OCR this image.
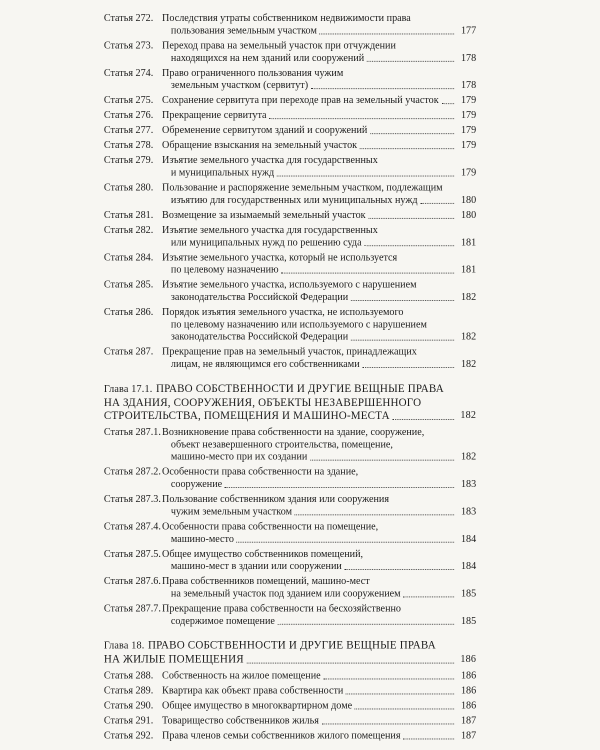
Статья 272. Последствия утраты собственником недвижимости права
пользования земельным участком	177
Статья 273. Переход права на земельный участок при отчуждении
находящихся на нем зданий или сооружений	178
Статья 274. Право ограниченного пользования чужим
земельным участком (сервитут)	178
Статья 275. Сохранение сервитута при переходе прав на земельный участок	179
Статья 276. Прекращение сервитута	179
Статья 277. Обременение сервитутом зданий и сооружений	179
Статья 278. Обращение взыскания на земельный участок	179
Статья 279. Изъятие земельного участка для государственных
и муниципальных нужд	179
Статья 280. Пользование и распоряжение земельным участком, подлежащим
изъятию для государственных или муниципальных нужд	180
Статья 281. Возмещение за изымаемый земельный участок	180
Статья 282. Изъятие земельного участка для государственных
или муниципальных нужд по решению суда	181
Статья 284. Изъятие земельного участка, который не используется
по целевому назначению	181
Статья 285. Изъятие земельного участка, используемого с нарушением
законодательства Российской Федерации	182
Статья 286. Порядок изъятия земельного участка, не используемого
по целевому назначению или используемого с нарушением
законодательства Российской Федерации	182
Статья 287. Прекращение прав на земельный участок, принадлежащих
лицам, не являющимся его собственниками	182
Глава 17.1. ПРАВО СОБСТВЕННОСТИ И ДРУГИЕ ВЕЩНЫЕ ПРАВА
НА ЗДАНИЯ, СООРУЖЕНИЯ, ОБЪЕКТЫ НЕЗАВЕРШЕННОГО
СТРОИТЕЛЬСТВА, ПОМЕЩЕНИЯ И МАШИНО-МЕСТА	182
Статья 287.1. Возникновение права собственности на здание, сооружение,
объект незавершенного строительства, помещение,
машино-место при их создании	182
Статья 287.2. Особенности права собственности на здание,
сооружение	183
Статья 287.3. Пользование собственником здания или сооружения
чужим земельным участком	183
Статья 287.4. Особенности права собственности на помещение,
машино-место	184
Статья 287.5. Общее имущество собственников помещений,
машино-мест в здании или сооружении	184
Статья 287.6. Права собственников помещений, машино-мест
на земельный участок под зданием или сооружением	185
Статья 287.7. Прекращение права собственности на бесхозяйственно
содержимое помещение	185
Глава 18. ПРАВО СОБСТВЕННОСТИ И ДРУГИЕ ВЕЩНЫЕ ПРАВА
НА ЖИЛЫЕ ПОМЕЩЕНИЯ	186
Статья 288. Собственность на жилое помещение	186
Статья 289. Квартира как объект права собственности	186
Статья 290. Общее имущество в многоквартирном доме	186
Статья 291. Товарищество собственников жилья	187
Статья 292. Права членов семьи собственников жилого помещения	187
